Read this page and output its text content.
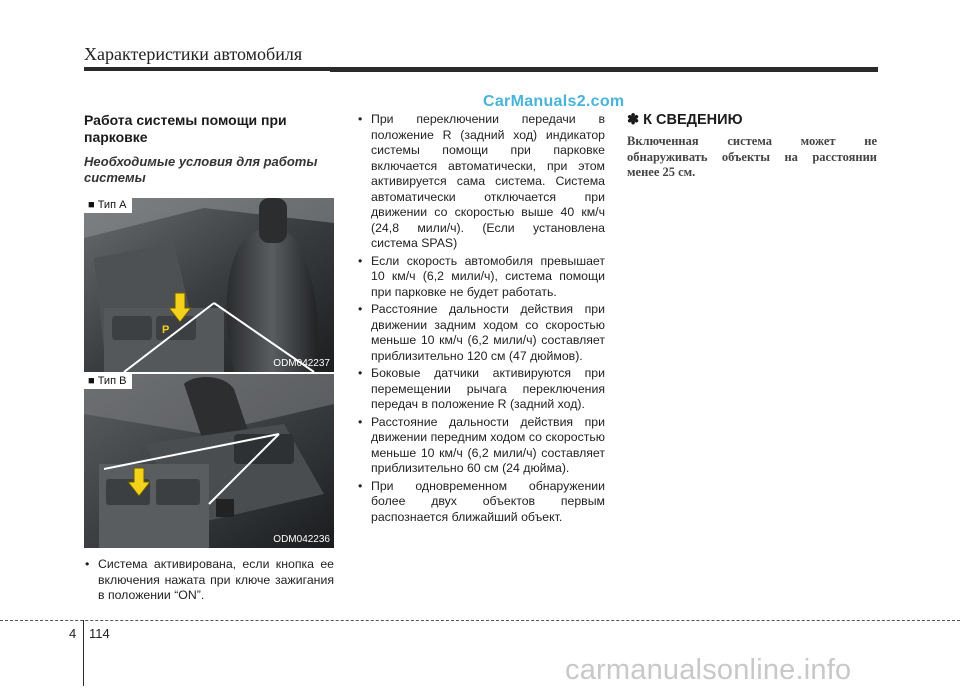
Характеристики автомобиля
CarManuals2.com
Работа системы помощи при парковке
Необходимые условия для работы системы
P
■ Тип A
ODM042237
■ Тип B
ODM042236
• Система активирована, если кнопка ее включения нажата при ключе зажигания в положении “ON”.
• При переключении передачи в положение R (задний ход) индикатор системы помощи при парковке включается автоматически, при этом активируется сама система. Система автоматически отключается при движении со скоростью выше 40 км/ч (24,8 мили/ч). (Если установлена система SPAS)
• Если скорость автомобиля превышает 10 км/ч (6,2 мили/ч), система помощи при парковке не будет работать.
• Расстояние дальности действия при движении задним ходом со скоростью меньше 10 км/ч (6,2 мили/ч) составляет приблизительно 120 см (47 дюймов).
• Боковые датчики активируются при перемещении рычага переключения передач в положение R (задний ход).
• Расстояние дальности действия при движении передним ходом со скоростью меньше 10 км/ч (6,2 мили/ч) составляет приблизительно 60 см (24 дюйма).
• При одновременном обнаружении более двух объектов первым распознается ближайший объект.
✽ К СВЕДЕНИЮ
Включенная система может не обнаруживать объекты на расстоянии менее 25 см.
4 114
carmanualsonline.info
